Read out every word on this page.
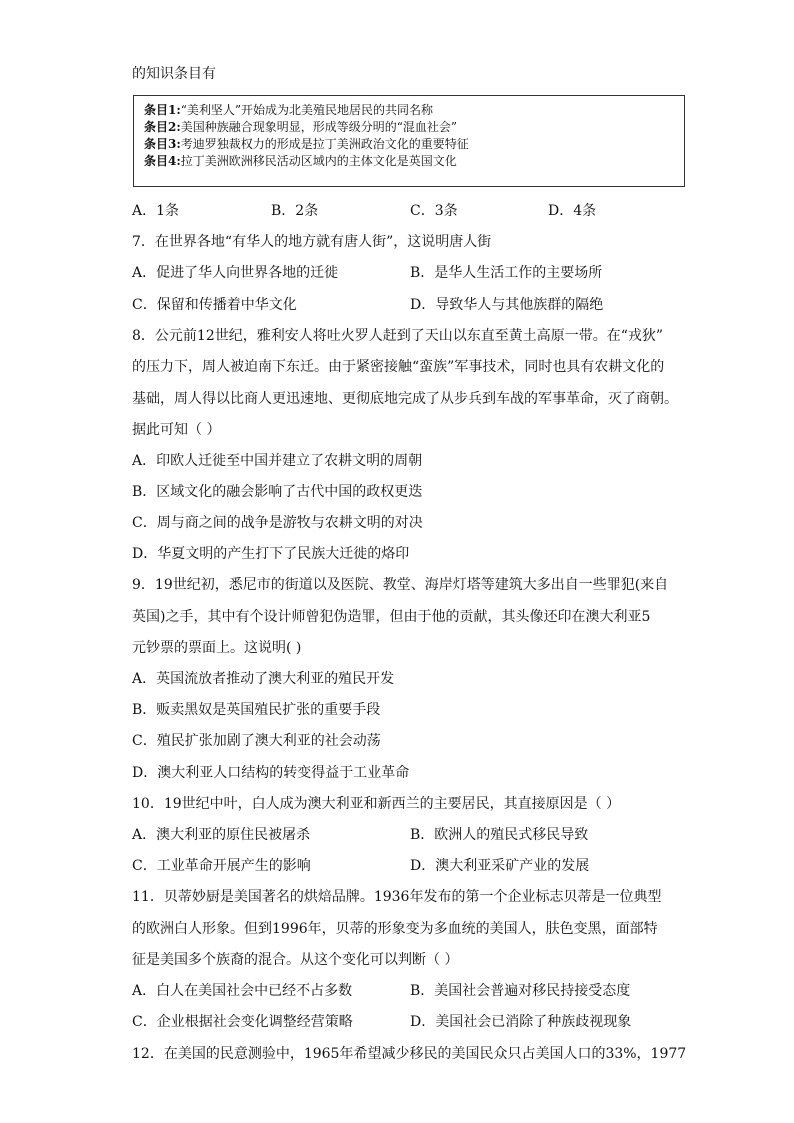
的知识条目有
条目1:“美利坚人”开始成为北美殖民地居民的共同名称
条目2:美国种族融合现象明显，形成等级分明的“混血社会”
条目3:考迪罗独裁权力的形成是拉丁美洲政治文化的重要特征
条目4:拉丁美洲欧洲移民活动区域内的主体文化是英国文化
A．1条	B．2条	C．3条	D．4条
7．在世界各地“有华人的地方就有唐人街”，这说明唐人街
A．促进了华人向世界各地的迁徙	B．是华人生活工作的主要场所
C．保留和传播着中华文化	D．导致华人与其他族群的隔绝
8．公元前12世纪，雅利安人将吐火罗人赶到了天山以东直至黄土高原一带。在“戎狄”
的压力下，周人被迫南下东迁。由于紧密接触“蛮族”军事技术，同时也具有农耕文化的
基础，周人得以比商人更迅速地、更彻底地完成了从步兵到车战的军事革命，灭了商朝。
据此可知（ ）
A．印欧人迁徙至中国并建立了农耕文明的周朝
B．区域文化的融会影响了古代中国的政权更迭
C．周与商之间的战争是游牧与农耕文明的对决
D．华夏文明的产生打下了民族大迁徙的烙印
9．19世纪初，悉尼市的街道以及医院、教堂、海岸灯塔等建筑大多出自一些罪犯(来自
英国)之手，其中有个设计师曾犯伪造罪，但由于他的贡献，其头像还印在澳大利亚5
元钞票的票面上。这说明( )
A．英国流放者推动了澳大利亚的殖民开发
B．贩卖黑奴是英国殖民扩张的重要手段
C．殖民扩张加剧了澳大利亚的社会动荡
D．澳大利亚人口结构的转变得益于工业革命
10．19世纪中叶，白人成为澳大利亚和新西兰的主要居民，其直接原因是（ ）
A．澳大利亚的原住民被屠杀	B．欧洲人的殖民式移民导致
C．工业革命开展产生的影响	D．澳大利亚采矿产业的发展
11．贝蒂妙厨是美国著名的烘焙品牌。1936年发布的第一个企业标志贝蒂是一位典型
的欧洲白人形象。但到1996年，贝蒂的形象变为多血统的美国人，肤色变黑，面部特
征是美国多个族裔的混合。从这个变化可以判断（ ）
A．白人在美国社会中已经不占多数	B．美国社会普遍对移民持接受态度
C．企业根据社会变化调整经营策略	D．美国社会已消除了种族歧视现象
12．在美国的民意测验中，1965年希望减少移民的美国民众只占美国人口的33%，1977
